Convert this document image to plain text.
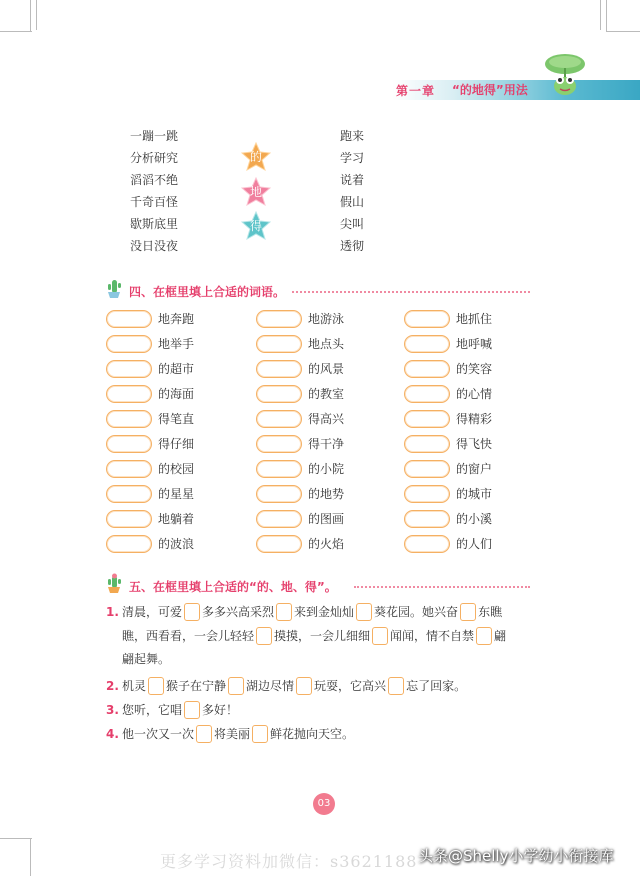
第一章 “的地得”用法
一蹦一跳
分析研究
滔滔不绝
千奇百怪
歇斯底里
没日没夜
跑来
学习
说着
假山
尖叫
透彻
的
地
得
四、在框里填上合适的词语。
地奔跑	地游泳	地抓住
地举手	地点头	地呼喊
的超市	的风景	的笑容
的海面	的教室	的心情
得笔直	得高兴	得精彩
得仔细	得干净	得飞快
的校园	的小院	的窗户
的星星	的地势	的城市
地躺着	的图画	的小溪
的波浪	的火焰	的人们
五、在框里填上合适的“的、地、得”。
1. 清晨，可爱 多多兴高采烈 来到金灿灿 葵花园。她兴奋 东瞧
瞧，西看看，一会儿轻轻 摸摸，一会儿细细 闻闻，情不自禁 翩
翩起舞。
2. 机灵 猴子在宁静 湖边尽情 玩耍，它高兴 忘了回家。
3. 您听，它唱 多好！
4. 他一次又一次 将美丽 鲜花抛向天空。
03
更多学习资料加微信：s3621188 头条@Shelly小学幼小衔接库
